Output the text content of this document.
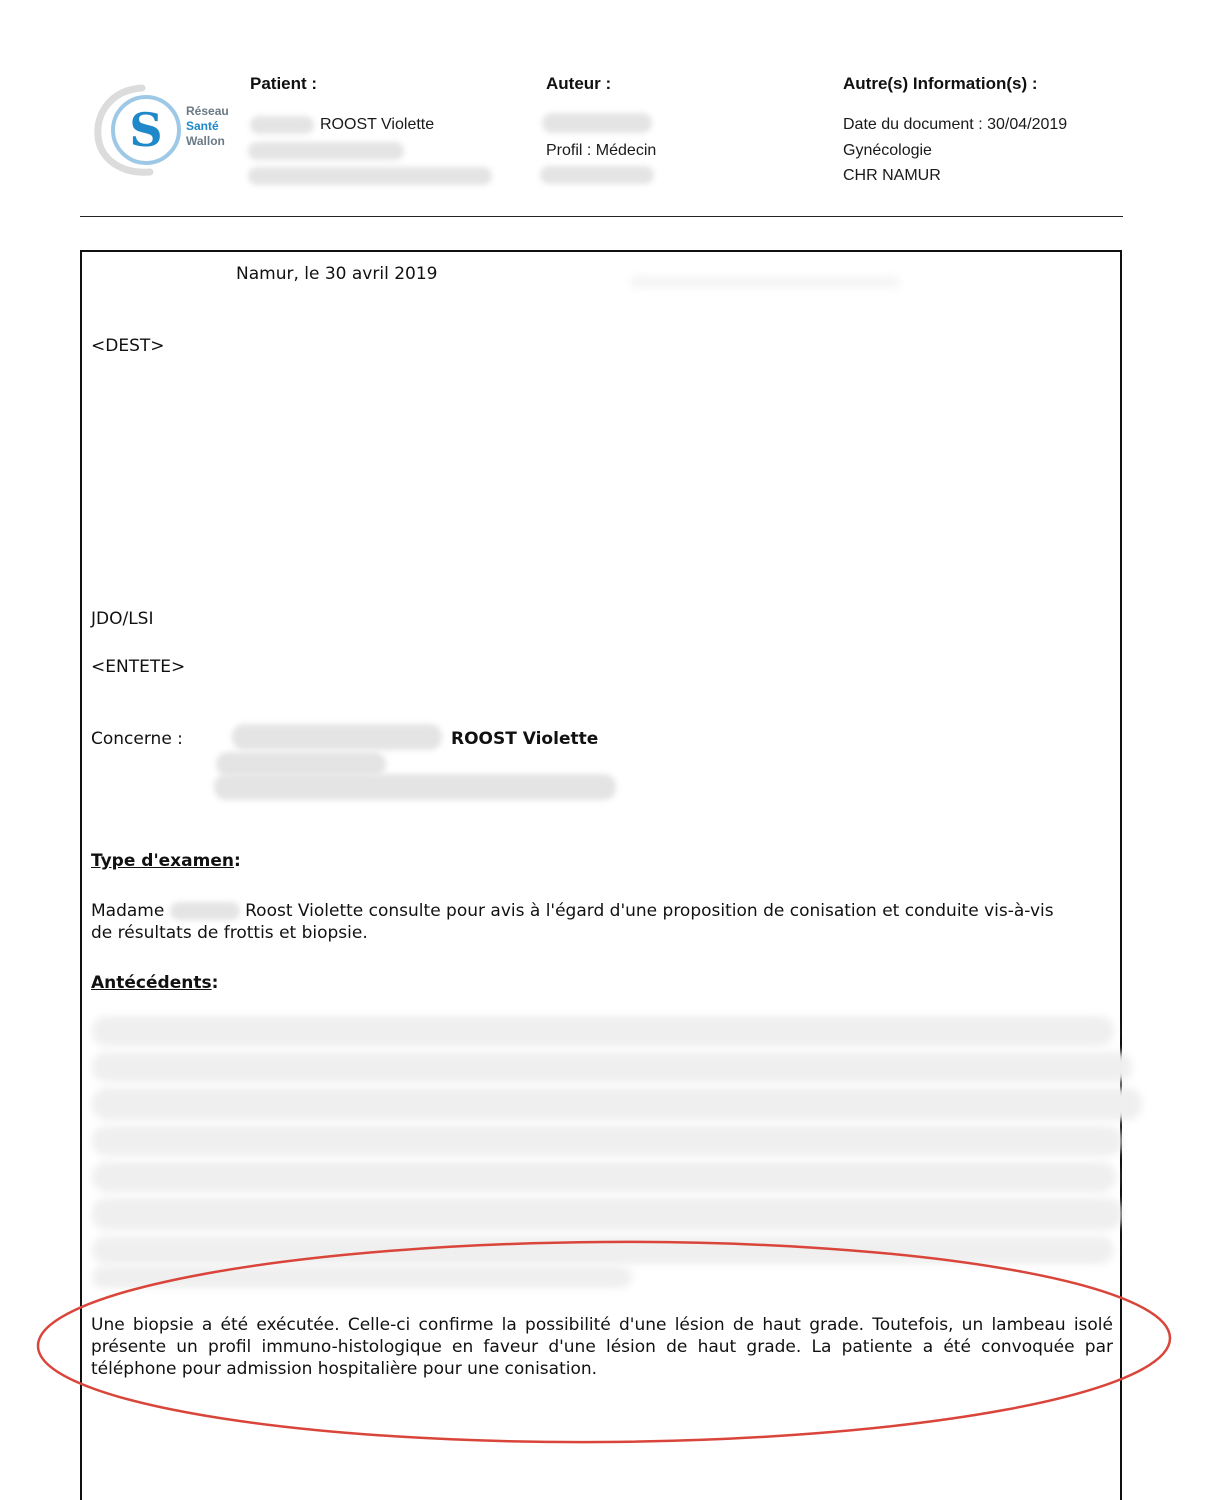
S Réseau
Santé
Wallon
Patient :
ROOST Violette
Auteur :
Profil : Médecin
Autre(s) Information(s) :
Date du document : 30/04/2019
Gynécologie
CHR NAMUR
Namur, le 30 avril 2019
<DEST>
JDO/LSI
<ENTETE>
Concerne :	ROOST Violette
Type d'examen:
Madame	Roost Violette consulte pour avis à l'égard d'une proposition de conisation et conduite vis-à-vis
de résultats de frottis et biopsie.
Antécédents:
Une biopsie a été exécutée. Celle-ci confirme la possibilité d'une lésion de haut grade. Toutefois, un lambeau isolé présente un profil immuno-histologique en faveur d'une lésion de haut grade. La patiente a été convoquée par téléphone pour admission hospitalière pour une conisation.
